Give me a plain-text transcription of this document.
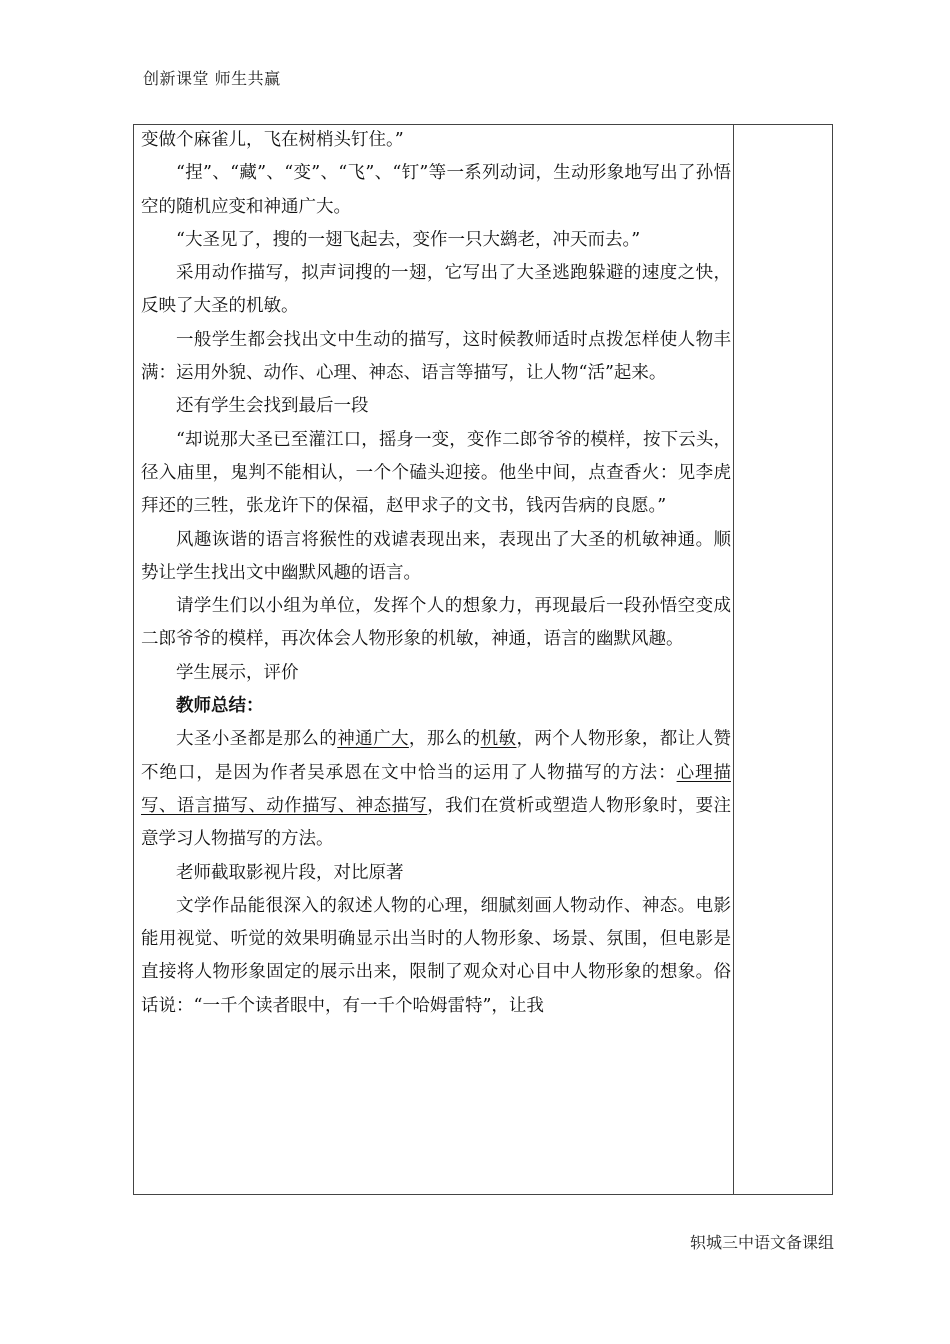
创新课堂 师生共赢

变做个麻雀儿，飞在树梢头钉住。”

“捏”、“藏”、“变”、“飞”、“钉”等一系列动词，生动形象地写出了孙悟空的随机应变和神通广大。

“大圣见了，搜的一翅飞起去，变作一只大鹚老，冲天而去。”

采用动作描写，拟声词搜的一翅，它写出了大圣逃跑躲避的速度之快，反映了大圣的机敏。

一般学生都会找出文中生动的描写，这时候教师适时点拨怎样使人物丰满：运用外貌、动作、心理、神态、语言等描写，让人物“活”起来。

还有学生会找到最后一段

“却说那大圣已至灌江口，摇身一变，变作二郎爷爷的模样，按下云头，径入庙里，鬼判不能相认，一个个磕头迎接。他坐中间，点查香火：见李虎拜还的三牲，张龙许下的保福，赵甲求子的文书，钱丙告病的良愿。”

风趣诙谐的语言将猴性的戏谑表现出来，表现出了大圣的机敏神通。顺势让学生找出文中幽默风趣的语言。

请学生们以小组为单位，发挥个人的想象力，再现最后一段孙悟空变成二郎爷爷的模样，再次体会人物形象的机敏，神通，语言的幽默风趣。

学生展示，评价

教师总结：

大圣小圣都是那么的神通广大，那么的机敏，两个人物形象，都让人赞不绝口，是因为作者吴承恩在文中恰当的运用了人物描写的方法：心理描写、语言描写、动作描写、神态描写，我们在赏析或塑造人物形象时，要注意学习人物描写的方法。

老师截取影视片段，对比原著

文学作品能很深入的叙述人物的心理，细腻刻画人物动作、神态。电影能用视觉、听觉的效果明确显示出当时的人物形象、场景、氛围，但电影是直接将人物形象固定的展示出来，限制了观众对心目中人物形象的想象。俗话说：“一千个读者眼中，有一千个哈姆雷特”，让我

轵城三中语文备课组
